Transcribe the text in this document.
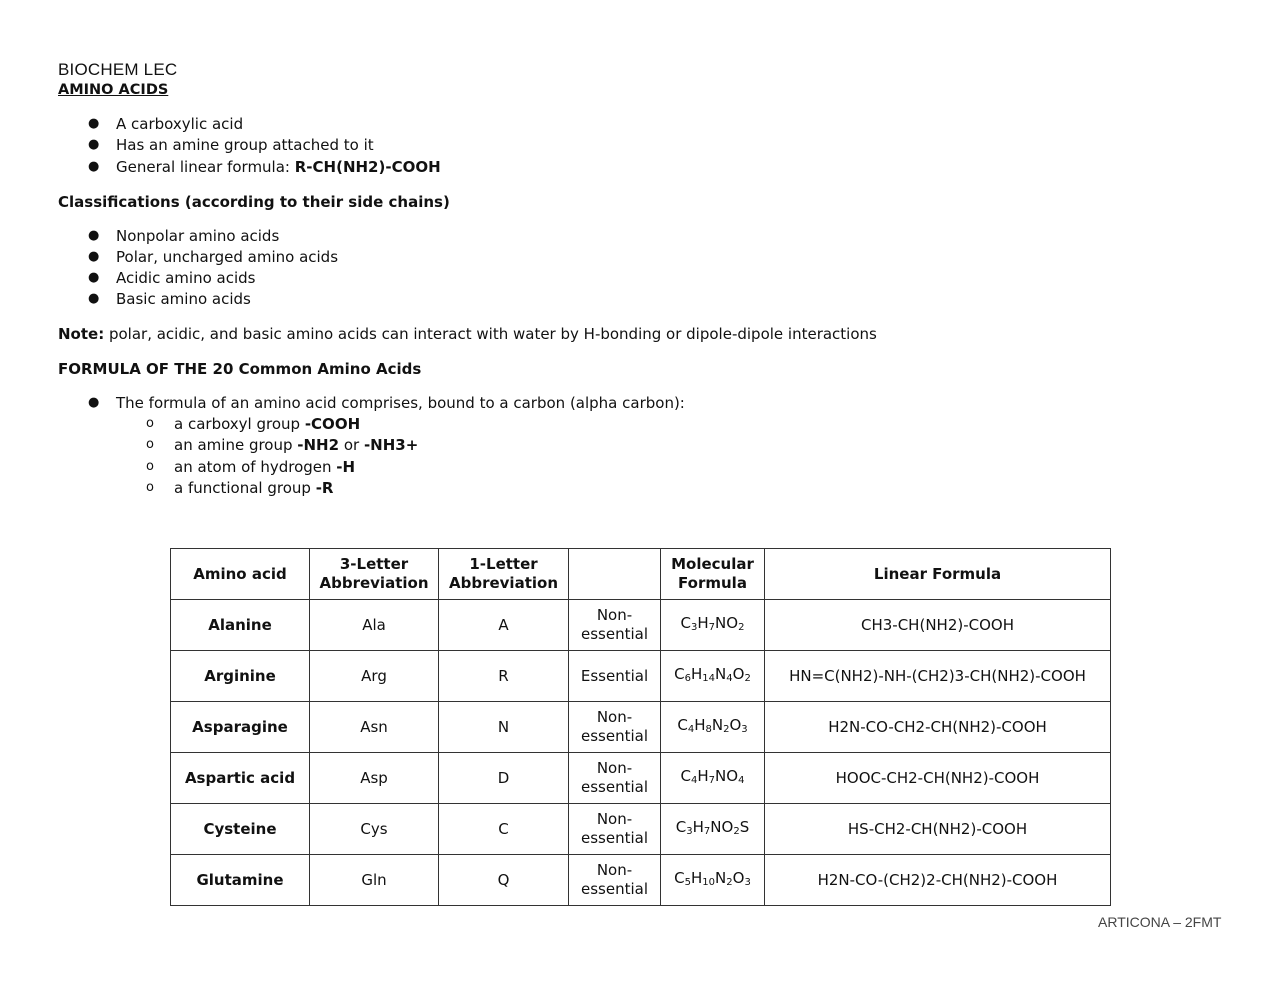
BIOCHEM LEC
AMINO ACIDS
● A carboxylic acid
● Has an amine group attached to it
● General linear formula: R-CH(NH2)-COOH
Classifications (according to their side chains)
● Nonpolar amino acids
● Polar, uncharged amino acids
● Acidic amino acids
● Basic amino acids
Note: polar, acidic, and basic amino acids can interact with water by H-bonding or dipole-dipole interactions
FORMULA OF THE 20 Common Amino Acids
● The formula of an amino acid comprises, bound to a carbon (alpha carbon):
o a carboxyl group -COOH
o an amine group -NH2 or -NH3+
o an atom of hydrogen -H
o a functional group -R
Amino acid	3-Letter Abbreviation	1-Letter Abbreviation		Molecular Formula	Linear Formula
Alanine	Ala	A	Non-essential	$C_3H_7NO_2$	CH3-CH(NH2)-COOH
Arginine	Arg	R	Essential	$C_6H_{14}N_4O_2$	HN=C(NH2)-NH-(CH2)3-CH(NH2)-COOH
Asparagine	Asn	N	Non-essential	$C_4H_8N_2O_3$	H2N-CO-CH2-CH(NH2)-COOH
Aspartic acid	Asp	D	Non-essential	$C_4H_7NO_4$	HOOC-CH2-CH(NH2)-COOH
Cysteine	Cys	C	Non-essential	$C_3H_7NO_2S$	HS-CH2-CH(NH2)-COOH
Glutamine	Gln	Q	Non-essential	$C_5H_{10}N_2O_3$	H2N-CO-(CH2)2-CH(NH2)-COOH
ARTICONA – 2FMT
